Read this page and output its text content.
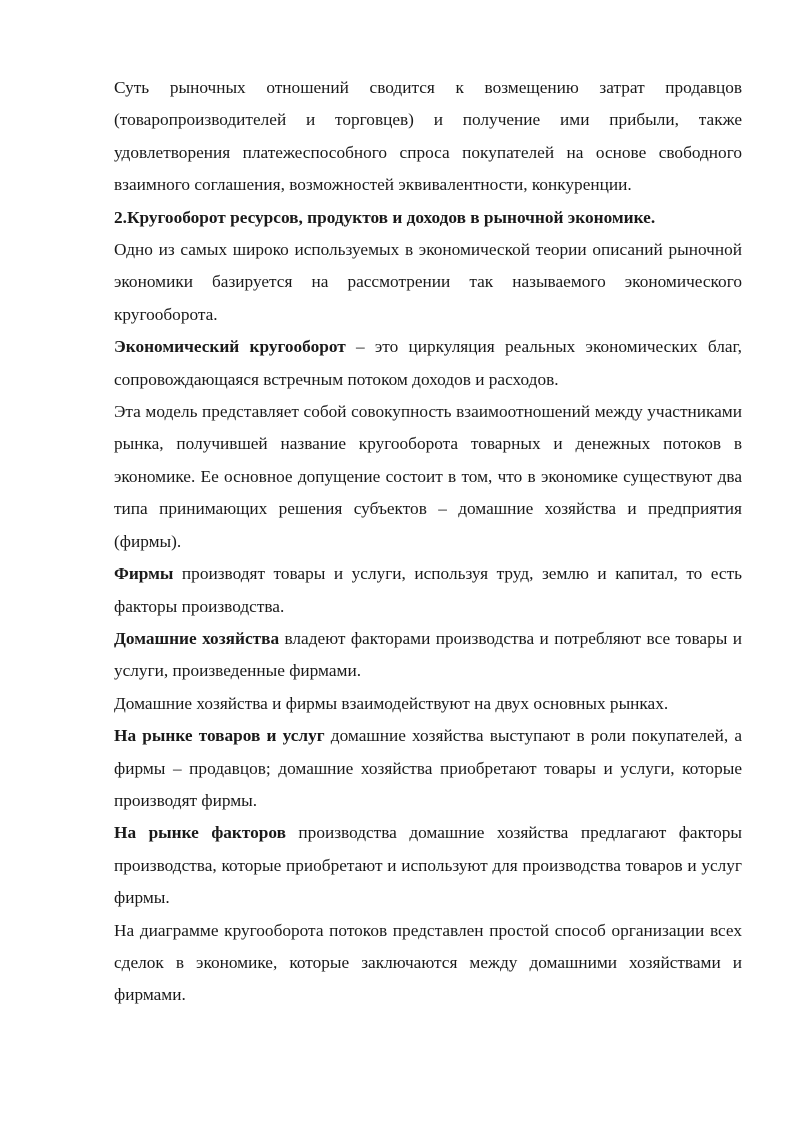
Суть рыночных отношений сводится к возмещению затрат продавцов (товаропроизводителей и торговцев) и получение ими прибыли, также удовлетворения платежеспособного спроса покупателей на основе свободного взаимного соглашения, возможностей эквивалентности, конкуренции.

2.Кругооборот ресурсов, продуктов и доходов в рыночной экономике.

Одно из самых широко используемых в экономической теории описаний рыночной экономики базируется на рассмотрении так называемого экономического кругооборота.

Экономический кругооборот – это циркуляция реальных экономических благ, сопровождающаяся встречным потоком доходов и расходов.

Эта модель представляет собой совокупность взаимоотношений между участниками рынка, получившей название кругооборота товарных и денежных потоков в экономике. Ее основное допущение состоит в том, что в экономике существуют два типа принимающих решения субъектов – домашние хозяйства и предприятия (фирмы).

Фирмы производят товары и услуги, используя труд, землю и капитал, то есть факторы производства.

Домашние хозяйства владеют факторами производства и потребляют все товары и услуги, произведенные фирмами.

Домашние хозяйства и фирмы взаимодействуют на двух основных рынках.

На рынке товаров и услуг домашние хозяйства выступают в роли покупателей, а фирмы – продавцов; домашние хозяйства приобретают товары и услуги, которые производят фирмы.

На рынке факторов производства домашние хозяйства предлагают факторы производства, которые приобретают и используют для производства товаров и услуг фирмы.

На диаграмме кругооборота потоков представлен простой способ организации всех сделок в экономике, которые заключаются между домашними хозяйствами и фирмами.
